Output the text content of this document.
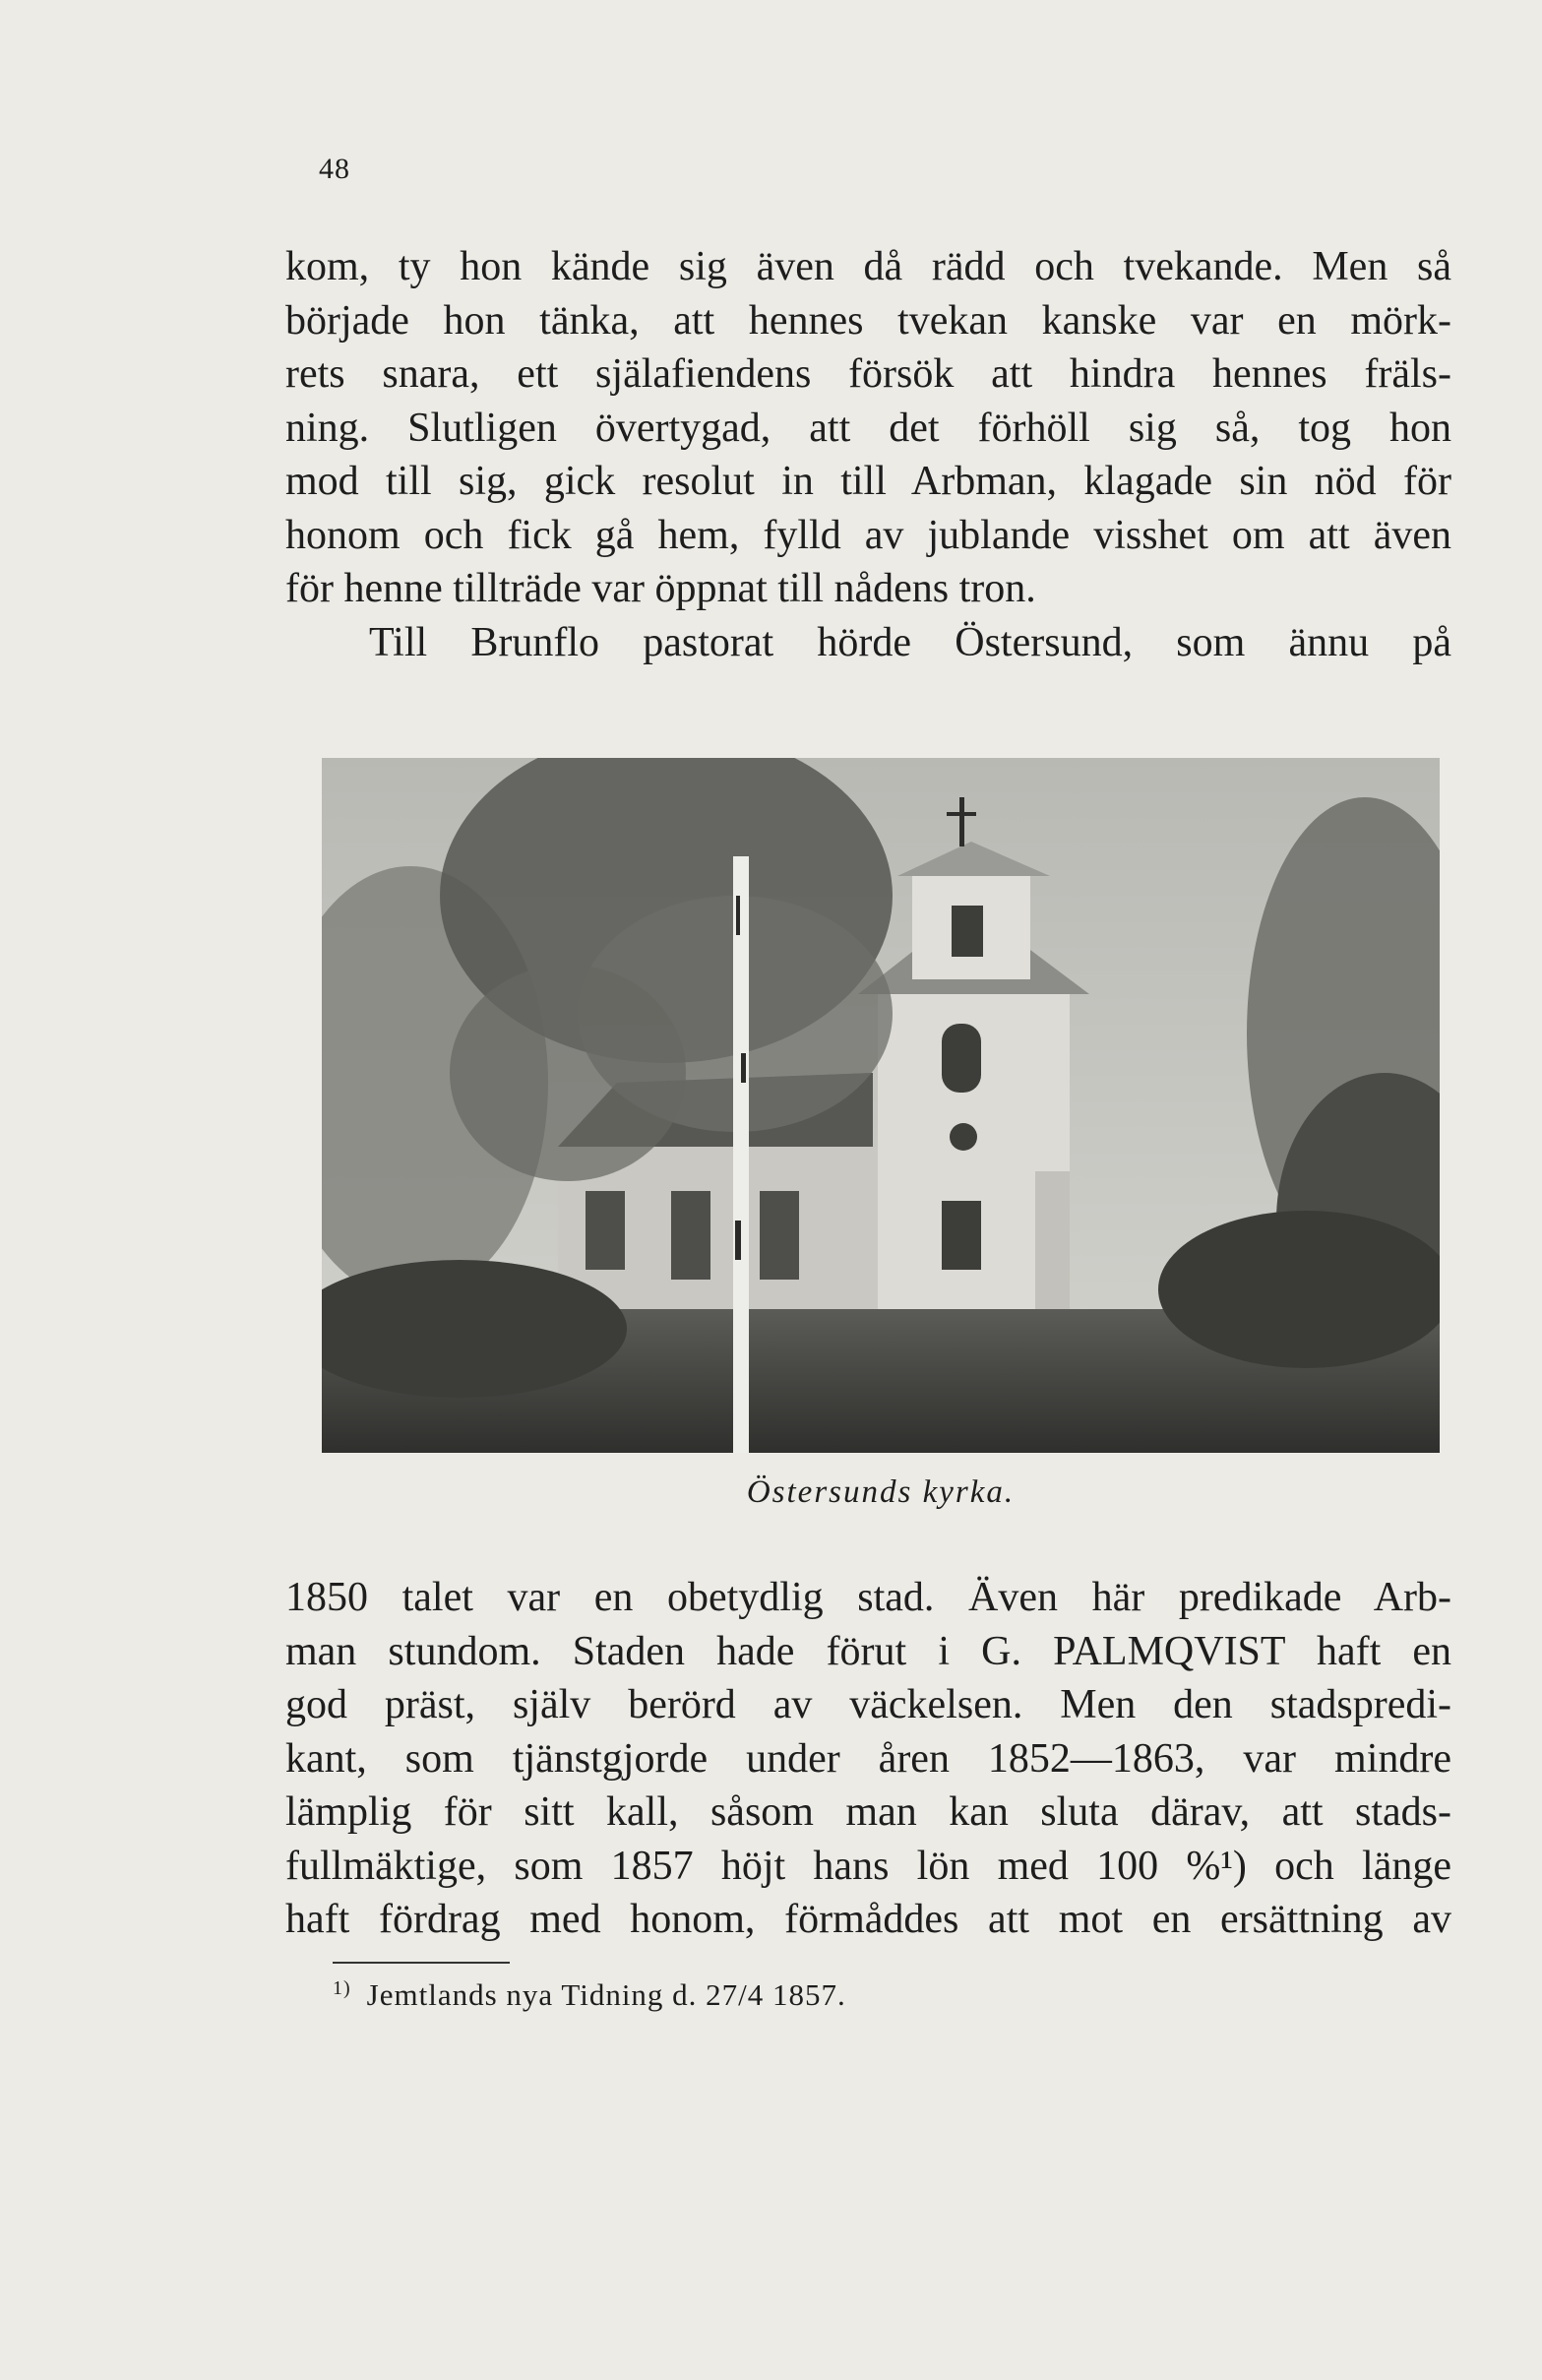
48
kom, ty hon kände sig även då rädd och tvekande. Men så
började hon tänka, att hennes tvekan kanske var en mörk-
rets snara, ett själafiendens försök att hindra hennes fräls-
ning. Slutligen övertygad, att det förhöll sig så, tog hon
mod till sig, gick resolut in till Arbman, klagade sin nöd för
honom och fick gå hem, fylld av jublande visshet om att även
för henne tillträde var öppnat till nådens tron.
Till Brunflo pastorat hörde Östersund, som ännu på
Östersunds kyrka.
1850 talet var en obetydlig stad. Även här predikade Arb-
man stundom. Staden hade förut i G. PALMQVIST haft en
god präst, själv berörd av väckelsen. Men den stadspredi-
kant, som tjänstgjorde under åren 1852—1863, var mindre
lämplig för sitt kall, såsom man kan sluta därav, att stads-
fullmäktige, som 1857 höjt hans lön med 100 %¹) och länge
haft fördrag med honom, förmåddes att mot en ersättning av
$^{1)}$ Jemtlands nya Tidning d. 27/4 1857.
